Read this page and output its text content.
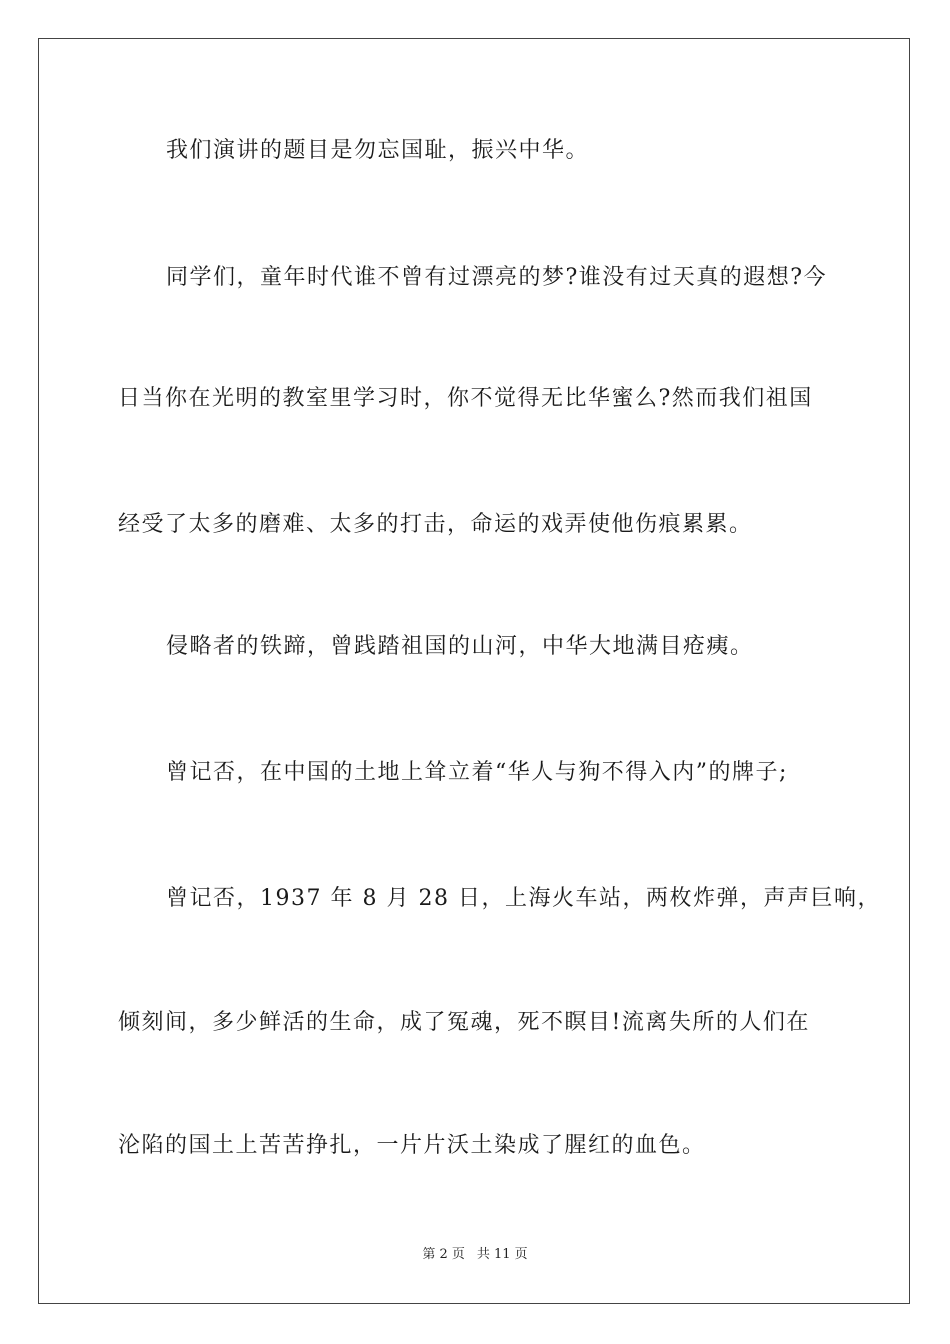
我们演讲的题目是勿忘国耻，振兴中华。
同学们，童年时代谁不曾有过漂亮的梦?谁没有过天真的遐想?今
日当你在光明的教室里学习时，你不觉得无比华蜜么?然而我们祖国
经受了太多的磨难、太多的打击，命运的戏弄使他伤痕累累。
侵略者的铁蹄，曾践踏祖国的山河，中华大地满目疮痍。
曾记否，在中国的土地上耸立着“华人与狗不得入内”的牌子;
曾记否，1937 年 8 月 28 日，上海火车站，两枚炸弹，声声巨响，
倾刻间，多少鲜活的生命，成了冤魂，死不瞑目!流离失所的人们在
沦陷的国土上苦苦挣扎，一片片沃土染成了腥红的血色。
第 2 页 共 11 页
